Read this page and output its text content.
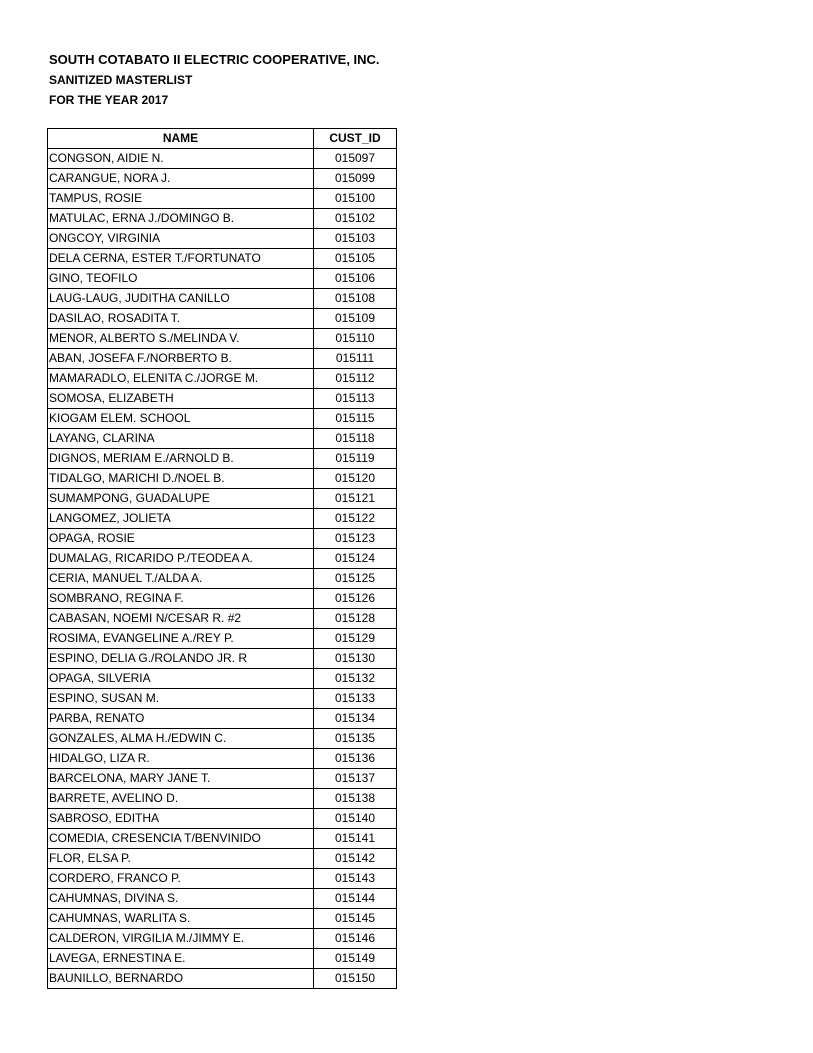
SOUTH COTABATO II ELECTRIC COOPERATIVE, INC.
SANITIZED MASTERLIST
FOR THE YEAR 2017
NAME	CUST_ID
CONGSON, AIDIE N.	015097
CARANGUE, NORA J.	015099
TAMPUS, ROSIE	015100
MATULAC, ERNA J./DOMINGO B.	015102
ONGCOY, VIRGINIA	015103
DELA CERNA, ESTER T./FORTUNATO	015105
GINO, TEOFILO	015106
LAUG-LAUG, JUDITHA CANILLO	015108
DASILAO, ROSADITA T.	015109
MENOR, ALBERTO S./MELINDA V.	015110
ABAN, JOSEFA F./NORBERTO B.	015111
MAMARADLO, ELENITA C./JORGE M.	015112
SOMOSA, ELIZABETH	015113
KIOGAM ELEM. SCHOOL	015115
LAYANG, CLARINA	015118
DIGNOS, MERIAM E./ARNOLD B.	015119
TIDALGO, MARICHI D./NOEL B.	015120
SUMAMPONG, GUADALUPE	015121
LANGOMEZ, JOLIETA	015122
OPAGA, ROSIE	015123
DUMALAG, RICARIDO P./TEODEA A.	015124
CERIA, MANUEL T./ALDA A.	015125
SOMBRANO, REGINA F.	015126
CABASAN, NOEMI N/CESAR R. #2	015128
ROSIMA, EVANGELINE A./REY P.	015129
ESPINO, DELIA G./ROLANDO JR. R	015130
OPAGA, SILVERIA	015132
ESPINO, SUSAN M.	015133
PARBA, RENATO	015134
GONZALES, ALMA H./EDWIN C.	015135
HIDALGO, LIZA R.	015136
BARCELONA, MARY JANE T.	015137
BARRETE, AVELINO D.	015138
SABROSO, EDITHA	015140
COMEDIA, CRESENCIA T/BENVINIDO	015141
FLOR, ELSA P.	015142
CORDERO, FRANCO P.	015143
CAHUMNAS, DIVINA S.	015144
CAHUMNAS, WARLITA S.	015145
CALDERON, VIRGILIA M./JIMMY E.	015146
LAVEGA, ERNESTINA E.	015149
BAUNILLO, BERNARDO	015150
